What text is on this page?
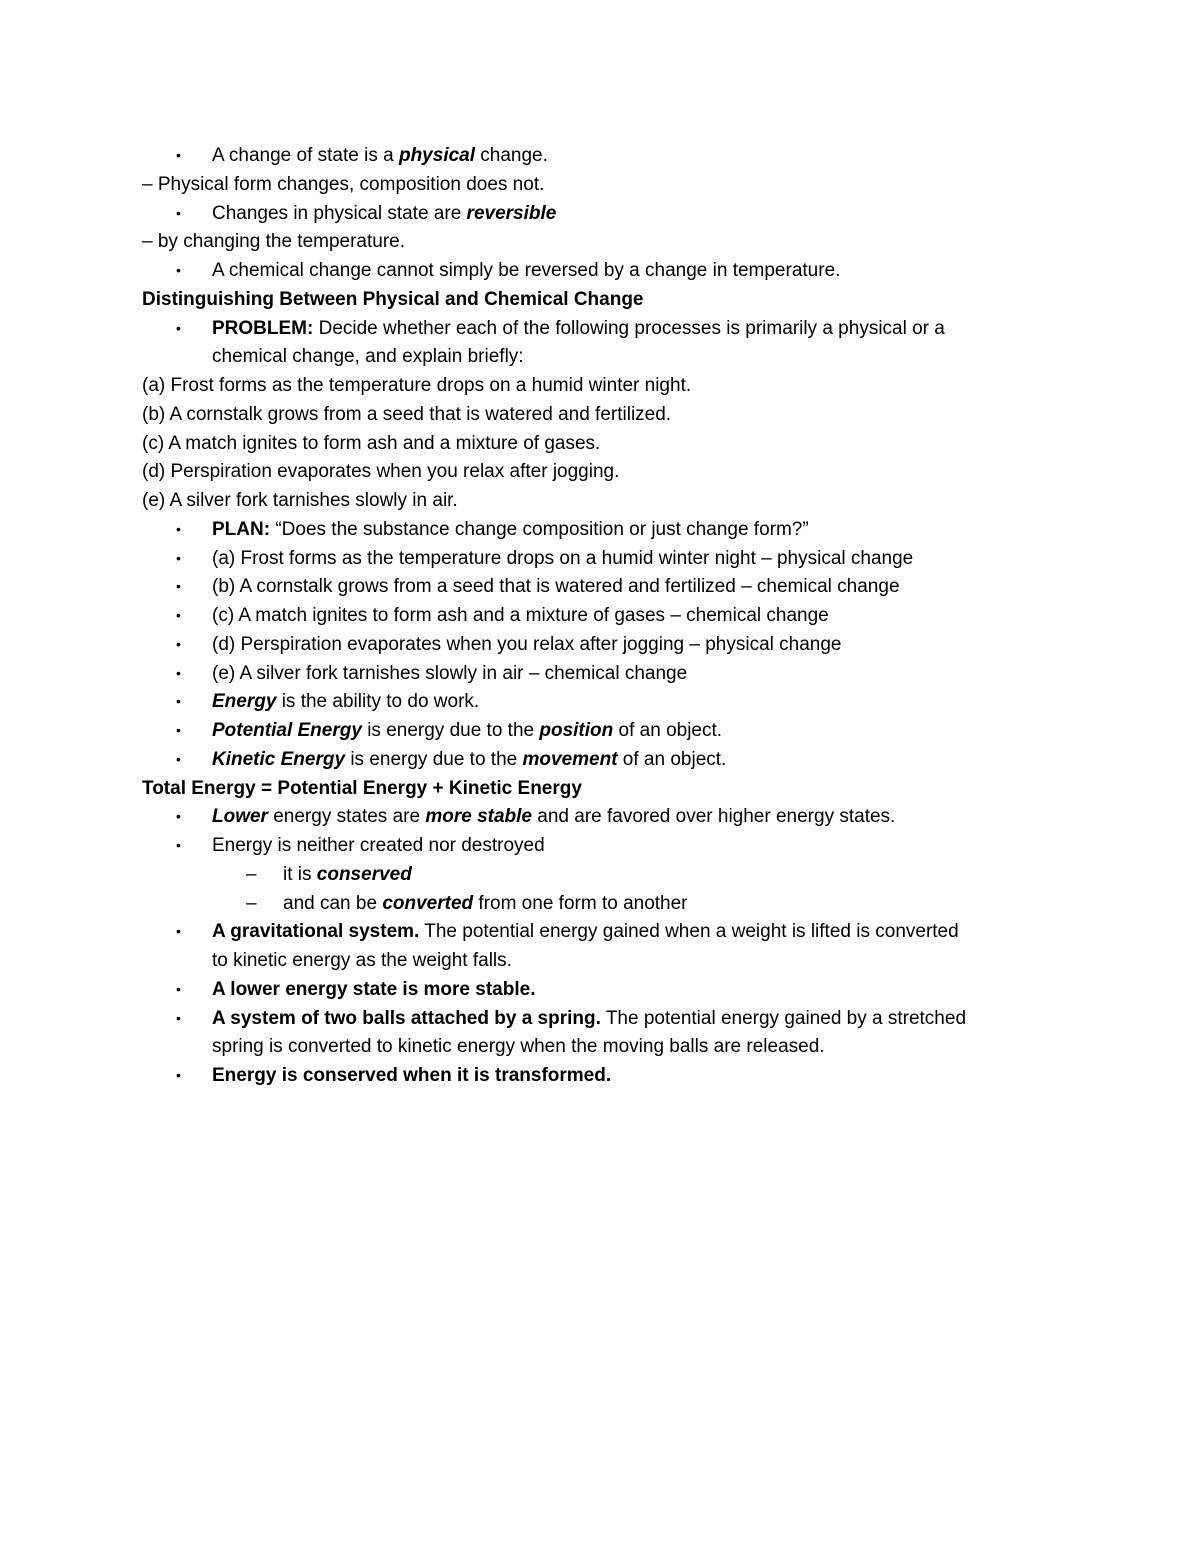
• A change of state is a physical change.
– Physical form changes, composition does not.
• Changes in physical state are reversible
– by changing the temperature.
• A chemical change cannot simply be reversed by a change in temperature.
Distinguishing Between Physical and Chemical Change
• PROBLEM: Decide whether each of the following processes is primarily a physical or a
chemical change, and explain briefly:
(a) Frost forms as the temperature drops on a humid winter night.
(b) A cornstalk grows from a seed that is watered and fertilized.
(c) A match ignites to form ash and a mixture of gases.
(d) Perspiration evaporates when you relax after jogging.
(e) A silver fork tarnishes slowly in air.
• PLAN: “Does the substance change composition or just change form?”
• (a) Frost forms as the temperature drops on a humid winter night – physical change
• (b) A cornstalk grows from a seed that is watered and fertilized – chemical change
• (c) A match ignites to form ash and a mixture of gases – chemical change
• (d) Perspiration evaporates when you relax after jogging – physical change
• (e) A silver fork tarnishes slowly in air – chemical change
• Energy is the ability to do work.
• Potential Energy is energy due to the position of an object.
• Kinetic Energy is energy due to the movement of an object.
Total Energy = Potential Energy + Kinetic Energy
• Lower energy states are more stable and are favored over higher energy states.
• Energy is neither created nor destroyed
– it is conserved
– and can be converted from one form to another
• A gravitational system. The potential energy gained when a weight is lifted is converted
to kinetic energy as the weight falls.
• A lower energy state is more stable.
• A system of two balls attached by a spring. The potential energy gained by a stretched
spring is converted to kinetic energy when the moving balls are released.
• Energy is conserved when it is transformed.
